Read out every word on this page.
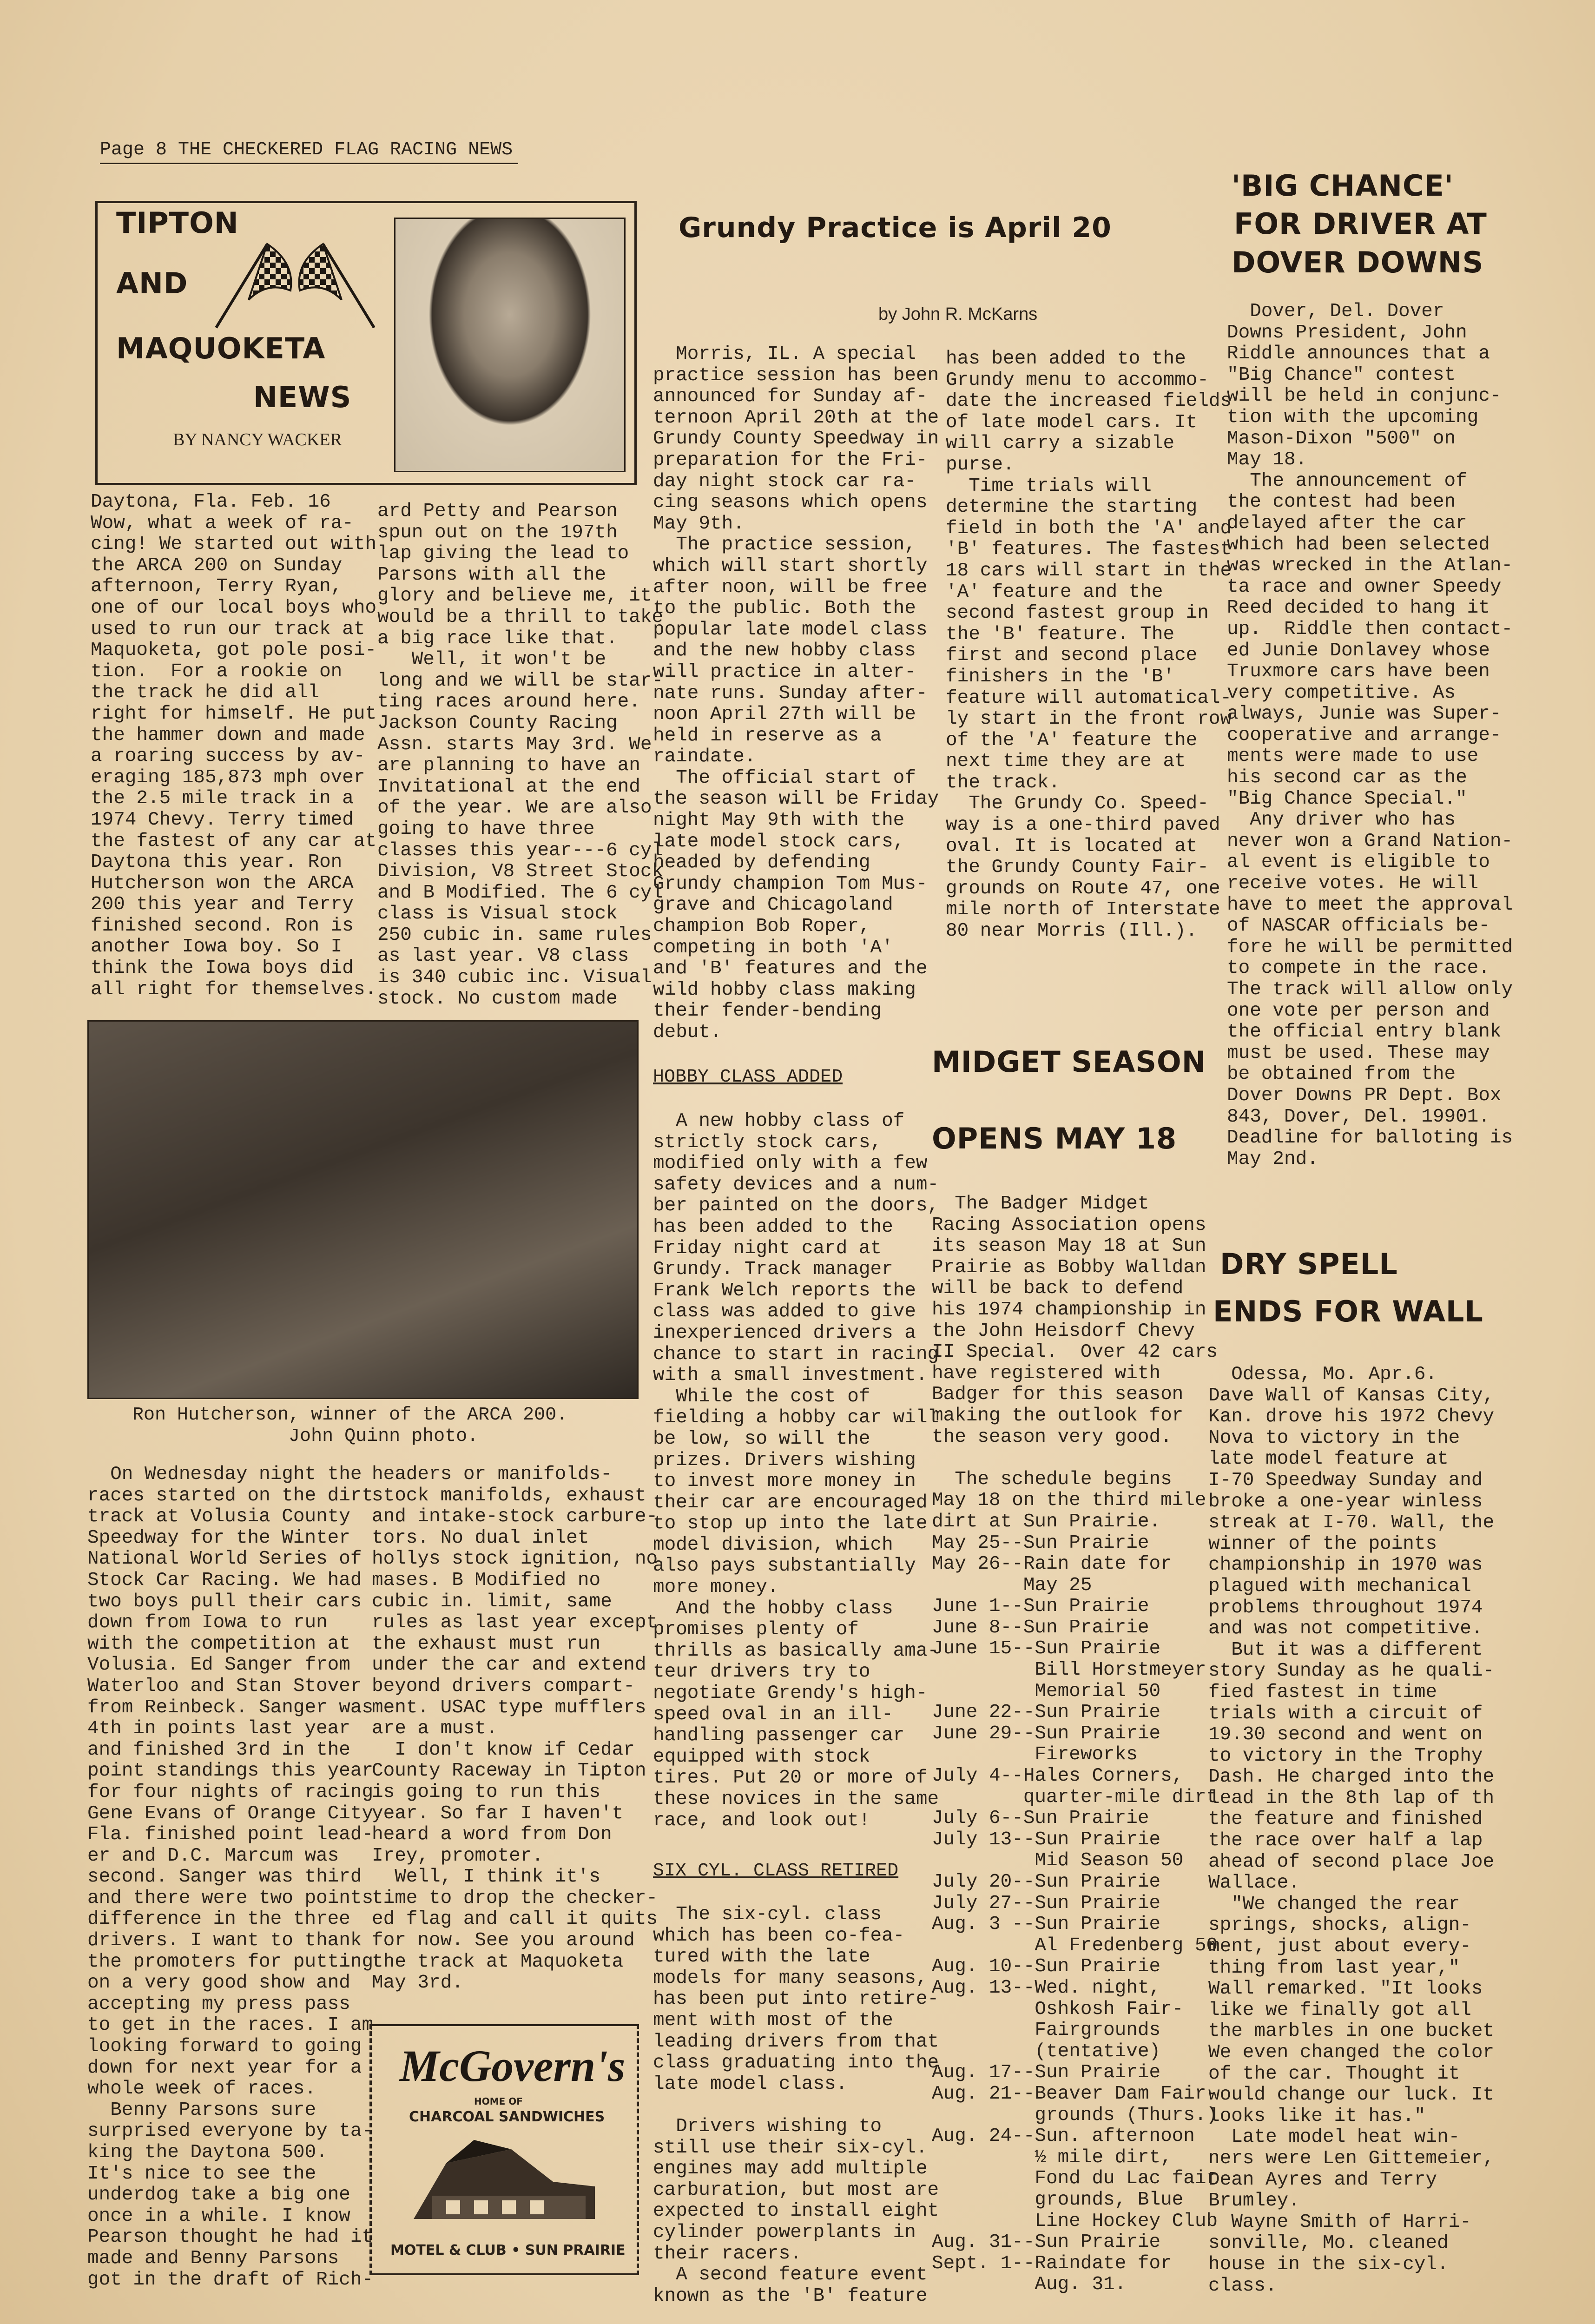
Page 8 THE CHECKERED FLAG RACING NEWS
TIPTON
AND
MAQUOKETA
NEWS
BY NANCY WACKER
Daytona, Fla. Feb. 16
Wow, what a week of ra-
cing! We started out with
the ARCA 200 on Sunday
afternoon, Terry Ryan,
one of our local boys who
used to run our track at
Maquoketa, got pole posi-
tion.  For a rookie on
the track he did all
right for himself. He put
the hammer down and made
a roaring success by av-
eraging 185,873 mph over
the 2.5 mile track in a
1974 Chevy. Terry timed
the fastest of any car at
Daytona this year. Ron
Hutcherson won the ARCA
200 this year and Terry
finished second. Ron is
another Iowa boy. So I
think the Iowa boys did
all right for themselves.
ard Petty and Pearson
spun out on the 197th
lap giving the lead to
Parsons with all the
glory and believe me, it
would be a thrill to take
a big race like that.
Well, it won't be
long and we will be star-
ting races around here.
Jackson County Racing
Assn. starts May 3rd. We
are planning to have an
Invitational at the end
of the year. We are also
going to have three
classes this year---6 cyl
Division, V8 Street Stock
and B Modified. The 6 cyl
class is Visual stock
250 cubic in. same rules
as last year. V8 class
is 340 cubic inc. Visual
stock. No custom made
Ron Hutcherson, winner of the ARCA 200.
John Quinn photo.
On Wednesday night the
races started on the dirt
track at Volusia County
Speedway for the Winter
National World Series of
Stock Car Racing. We had
two boys pull their cars
down from Iowa to run
with the competition at
Volusia. Ed Sanger from
Waterloo and Stan Stover
from Reinbeck. Sanger was
4th in points last year
and finished 3rd in the
point standings this year
for four nights of racing
Gene Evans of Orange City
Fla. finished point lead-
er and D.C. Marcum was
second. Sanger was third
and there were two points
difference in the three
drivers. I want to thank
the promoters for putting
on a very good show and
accepting my press pass
to get in the races. I am
looking forward to going
down for next year for a
whole week of races.
Benny Parsons sure
surprised everyone by ta-
king the Daytona 500.
It's nice to see the
underdog take a big one
once in a while. I know
Pearson thought he had it
made and Benny Parsons
got in the draft of Rich-
headers or manifolds-
stock manifolds, exhaust
and intake-stock carbure-
tors. No dual inlet
hollys stock ignition, no
mases. B Modified no
cubic in. limit, same
rules as last year except
the exhaust must run
under the car and extend
beyond drivers compart-
ment. USAC type mufflers
are a must.
I don't know if Cedar
County Raceway in Tipton
is going to run this
year. So far I haven't
heard a word from Don
Irey, promoter.
Well, I think it's
time to drop the checker-
ed flag and call it quits
for now. See you around
the track at Maquoketa
May 3rd.
McGovern's
HOME OF
CHARCOAL SANDWICHES
MOTEL & CLUB • SUN PRAIRIE
Grundy Practice is April 20
by John R. McKarns
Morris, IL. A special
practice session has been
announced for Sunday af-
ternoon April 20th at the
Grundy County Speedway in
preparation for the Fri-
day night stock car ra-
cing seasons which opens
May 9th.
The practice session,
which will start shortly
after noon, will be free
to the public. Both the
popular late model class
and the new hobby class
will practice in alter-
nate runs. Sunday after-
noon April 27th will be
held in reserve as a
raindate.
The official start of
the season will be Friday
night May 9th with the
late model stock cars,
headed by defending
Grundy champion Tom Mus-
grave and Chicagoland
champion Bob Roper,
competing in both 'A'
and 'B' features and the
wild hobby class making
their fender-bending
debut.
HOBBY CLASS ADDED
A new hobby class of
strictly stock cars,
modified only with a few
safety devices and a num-
ber painted on the doors,
has been added to the
Friday night card at
Grundy. Track manager
Frank Welch reports the
class was added to give
inexperienced drivers a
chance to start in racing
with a small investment.
While the cost of
fielding a hobby car will
be low, so will the
prizes. Drivers wishing
to invest more money in
their car are encouraged
to stop up into the late
model division, which
also pays substantially
more money.
And the hobby class
promises plenty of
thrills as basically ama-
teur drivers try to
negotiate Grendy's high-
speed oval in an ill-
handling passenger car
equipped with stock
tires. Put 20 or more of
these novices in the same
race, and look out!
SIX CYL. CLASS RETIRED
The six-cyl. class
which has been co-fea-
tured with the late
models for many seasons,
has been put into retire-
ment with most of the
leading drivers from that
class graduating into the
late model class.

Drivers wishing to
still use their six-cyl.
engines may add multiple
carburation, but most are
expected to install eight
cylinder powerplants in
their racers.
A second feature event
known as the 'B' feature
has been added to the
Grundy menu to accommo-
date the increased fields
of late model cars. It
will carry a sizable
purse.
Time trials will
determine the starting
field in both the 'A' and
'B' features. The fastest
18 cars will start in the
'A' feature and the
second fastest group in
the 'B' feature. The
first and second place
finishers in the 'B'
feature will automatical-
ly start in the front row
of the 'A' feature the
next time they are at
the track.
The Grundy Co. Speed-
way is a one-third paved
oval. It is located at
the Grundy County Fair-
grounds on Route 47, one
mile north of Interstate
80 near Morris (Ill.).
MIDGET SEASON
OPENS MAY 18
The Badger Midget
Racing Association opens
its season May 18 at Sun
Prairie as Bobby Walldan
will be back to defend
his 1974 championship in
the John Heisdorf Chevy
II Special.  Over 42 cars
have registered with
Badger for this season
making the outlook for
the season very good.

The schedule begins
May 18 on the third mile
dirt at Sun Prairie.
May 25--Sun Prairie
May 26--Rain date for
May 25
June 1--Sun Prairie
June 8--Sun Prairie
June 15--Sun Prairie
Bill Horstmeyer
Memorial 50
June 22--Sun Prairie
June 29--Sun Prairie
Fireworks
July 4--Hales Corners,
quarter-mile dirt
July 6--Sun Prairie
July 13--Sun Prairie
Mid Season 50
July 20--Sun Prairie
July 27--Sun Prairie
Aug. 3 --Sun Prairie
Al Fredenberg 50
Aug. 10--Sun Prairie
Aug. 13--Wed. night,
Oshkosh Fair-
Fairgrounds
(tentative)
Aug. 17--Sun Prairie
Aug. 21--Beaver Dam Fair-
grounds (Thurs.)
Aug. 24--Sun. afternoon
½ mile dirt,
Fond du Lac fair
grounds, Blue
Line Hockey Club
Aug. 31--Sun Prairie
Sept. 1--Raindate for
Aug. 31.
'BIG CHANCE'
FOR DRIVER AT
DOVER DOWNS
Dover, Del. Dover
Downs President, John
Riddle announces that a
"Big Chance" contest
will be held in conjunc-
tion with the upcoming
Mason-Dixon "500" on
May 18.
The announcement of
the contest had been
delayed after the car
which had been selected
was wrecked in the Atlan-
ta race and owner Speedy
Reed decided to hang it
up.  Riddle then contact-
ed Junie Donlavey whose
Truxmore cars have been
very competitive. As
always, Junie was Super-
cooperative and arrange-
ments were made to use
his second car as the
"Big Chance Special."
Any driver who has
never won a Grand Nation-
al event is eligible to
receive votes. He will
have to meet the approval
of NASCAR officials be-
fore he will be permitted
to compete in the race.
The track will allow only
one vote per person and
the official entry blank
must be used. These may
be obtained from the
Dover Downs PR Dept. Box
843, Dover, Del. 19901.
Deadline for balloting is
May 2nd.
DRY SPELL
ENDS FOR WALL
Odessa, Mo. Apr.6.
Dave Wall of Kansas City,
Kan. drove his 1972 Chevy
Nova to victory in the
late model feature at
I-70 Speedway Sunday and
broke a one-year winless
streak at I-70. Wall, the
winner of the points
championship in 1970 was
plagued with mechanical
problems throughout 1974
and was not competitive.
But it was a different
story Sunday as he quali-
fied fastest in time
trials with a circuit of
19.30 second and went on
to victory in the Trophy
Dash. He charged into the
lead in the 8th lap of th
the feature and finished
the race over half a lap
ahead of second place Joe
Wallace.
"We changed the rear
springs, shocks, align-
ment, just about every-
thing from last year,"
Wall remarked. "It looks
like we finally got all
the marbles in one bucket
We even changed the color
of the car. Thought it
would change our luck. It
looks like it has."
Late model heat win-
ners were Len Gittemeier,
Dean Ayres and Terry
Brumley.
Wayne Smith of Harri-
sonville, Mo. cleaned
house in the six-cyl.
class.
